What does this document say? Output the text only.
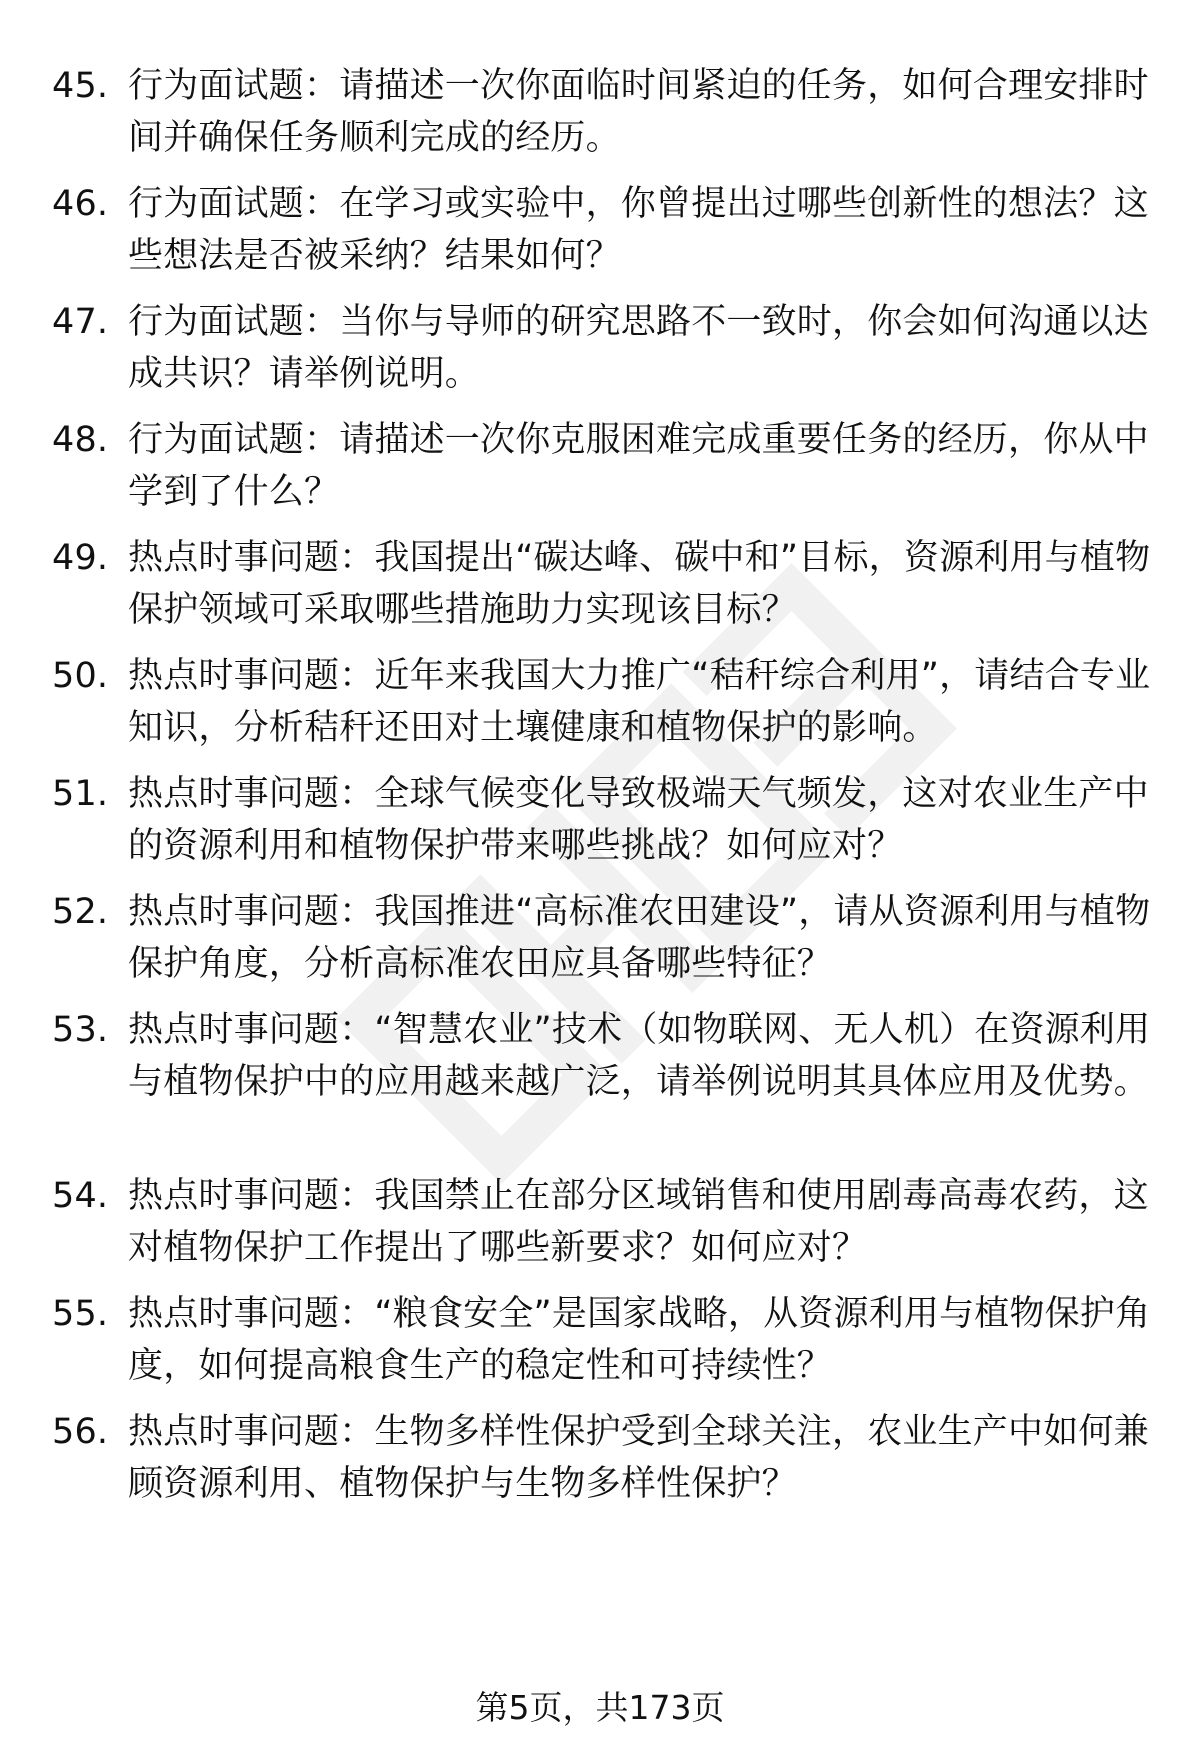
45. 行为面试题：请描述一次你面临时间紧迫的任务，如何合理安排时间并确保任务顺利完成的经历。
46. 行为面试题：在学习或实验中，你曾提出过哪些创新性的想法？这些想法是否被采纳？结果如何？
47. 行为面试题：当你与导师的研究思路不一致时，你会如何沟通以达成共识？请举例说明。
48. 行为面试题：请描述一次你克服困难完成重要任务的经历，你从中学到了什么？
49. 热点时事问题：我国提出“碳达峰、碳中和”目标，资源利用与植物保护领域可采取哪些措施助力实现该目标？
50. 热点时事问题：近年来我国大力推广“秸秆综合利用”，请结合专业知识，分析秸秆还田对土壤健康和植物保护的影响。
51. 热点时事问题：全球气候变化导致极端天气频发，这对农业生产中的资源利用和植物保护带来哪些挑战？如何应对？
52. 热点时事问题：我国推进“高标准农田建设”，请从资源利用与植物保护角度，分析高标准农田应具备哪些特征？
53. 热点时事问题：“智慧农业”技术（如物联网、无人机）在资源利用与植物保护中的应用越来越广泛，请举例说明其具体应用及优势。
54. 热点时事问题：我国禁止在部分区域销售和使用剧毒高毒农药，这对植物保护工作提出了哪些新要求？如何应对？
55. 热点时事问题：“粮食安全”是国家战略，从资源利用与植物保护角度，如何提高粮食生产的稳定性和可持续性？
56. 热点时事问题：生物多样性保护受到全球关注，农业生产中如何兼顾资源利用、植物保护与生物多样性保护？
第5页，共173页
